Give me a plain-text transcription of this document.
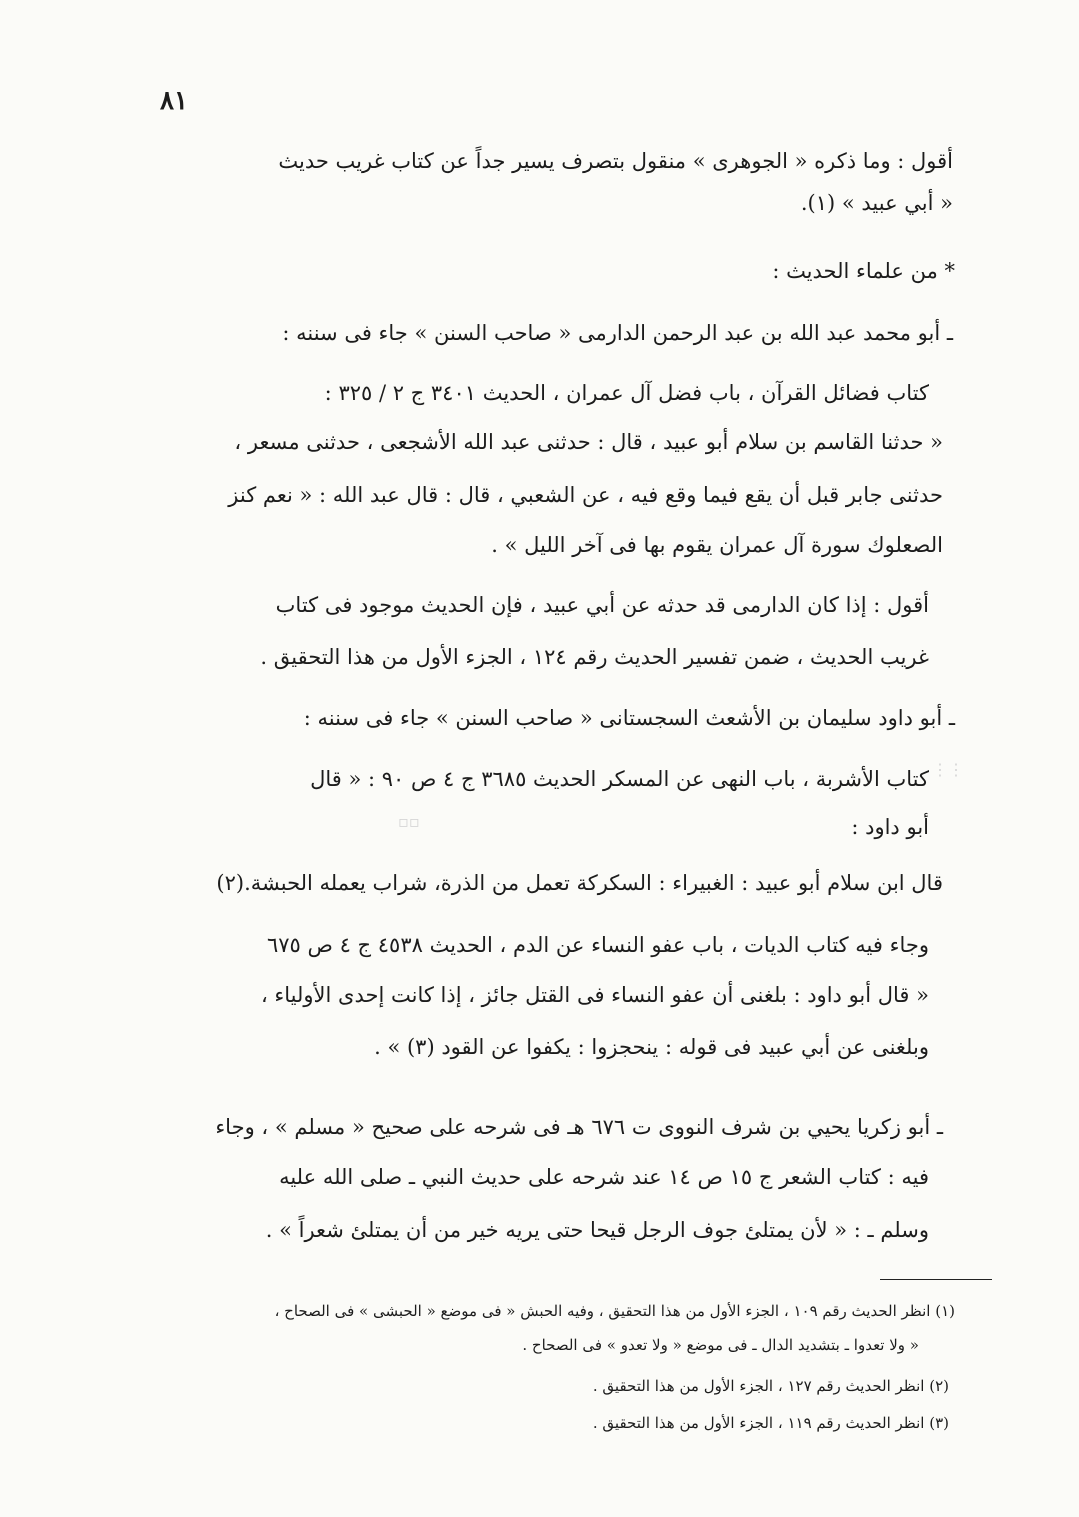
٨١
أقول : وما ذكره « الجوهرى » منقول بتصرف يسير جداً عن كتاب غريب حديث
« أبي عبيد » (١).
* من علماء الحديث :
ـ أبو محمد عبد الله بن عبد الرحمن الدارمى « صاحب السنن » جاء فى سننه :
كتاب فضائل القرآن ، باب فضل آل عمران ، الحديث ٣٤٠١ ج ٢ / ٣٢٥ :
« حدثنا القاسم بن سلام أبو عبيد ، قال : حدثنى عبد الله الأشجعى ، حدثنى مسعر ،
حدثنى جابر قبل أن يقع فيما وقع فيه ، عن الشعبي ، قال : قال عبد الله : « نعم كنز
الصعلوك سورة آل عمران يقوم بها فى آخر الليل » .
أقول : إذا كان الدارمى قد حدثه عن أبي عبيد ، فإن الحديث موجود فى كتاب
غريب الحديث ، ضمن تفسير الحديث رقم ١٢٤ ، الجزء الأول من هذا التحقيق .
ـ أبو داود سليمان بن الأشعث السجستانى « صاحب السنن » جاء فى سننه :
كتاب الأشربة ، باب النهى عن المسكر الحديث ٣٦٨٥ ج ٤ ص ٩٠ : « قال
أبو داود :
قال ابن سلام أبو عبيد : الغبيراء : السكركة تعمل من الذرة، شراب يعمله الحبشة.(٢)
وجاء فيه كتاب الديات ، باب عفو النساء عن الدم ، الحديث ٤٥٣٨ ج ٤ ص ٦٧٥
« قال أبو داود : بلغنى أن عفو النساء فى القتل جائز ، إذا كانت إحدى الأولياء ،
وبلغنى عن أبي عبيد فى قوله : ينحجزوا : يكفوا عن القود (٣) » .
ـ أبو زكريا يحيي بن شرف النووى ت ٦٧٦ هـ فى شرحه على صحيح « مسلم » ، وجاء
فيه : كتاب الشعر ج ١٥ ص ١٤ عند شرحه على حديث النبي ـ صلى الله عليه
وسلم ـ : « لأن يمتلئ جوف الرجل قيحا حتى يريه خير من أن يمتلئ شعراً » .
(١) انظر الحديث رقم ١٠٩ ، الجزء الأول من هذا التحقيق ، وفيه الحبش « فى موضع « الحبشى » فى الصحاح ،
« ولا تعدوا ـ بتشديد الدال ـ فى موضع « ولا تعدو » فى الصحاح .
(٢) انظر الحديث رقم ١٢٧ ، الجزء الأول من هذا التحقيق .
(٣) انظر الحديث رقم ١١٩ ، الجزء الأول من هذا التحقيق .
⋮⋮
▫▫
